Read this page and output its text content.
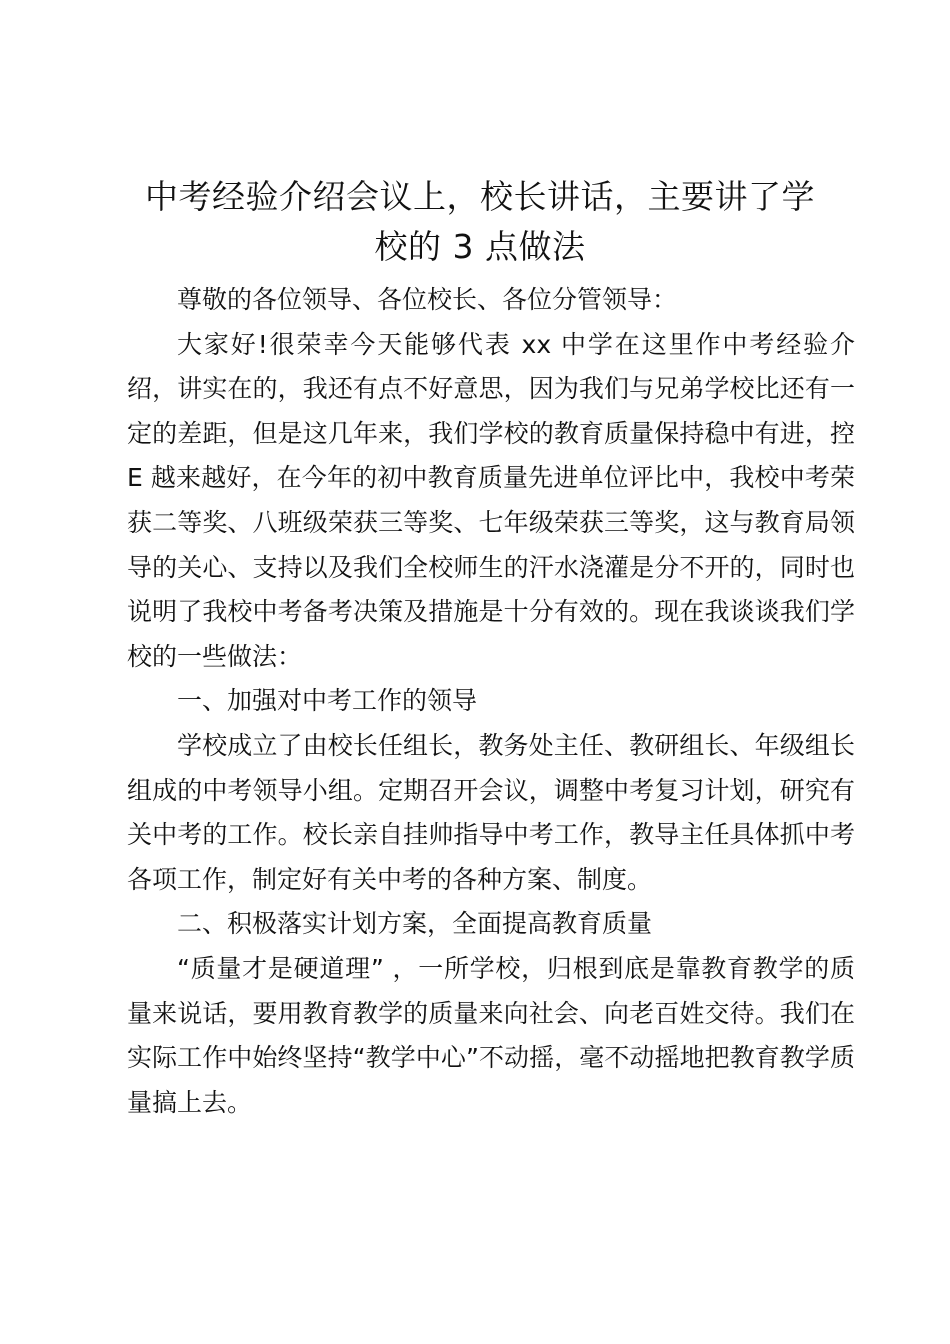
中考经验介绍会议上，校长讲话，主要讲了学
校的 3 点做法

尊敬的各位领导、各位校长、各位分管领导：

大家好!很荣幸今天能够代表 xx 中学在这里作中考经验介绍，讲实在的，我还有点不好意思，因为我们与兄弟学校比还有一定的差距，但是这几年来，我们学校的教育质量保持稳中有进，控 E 越来越好，在今年的初中教育质量先进单位评比中，我校中考荣获二等奖、八班级荣获三等奖、七年级荣获三等奖，这与教育局领导的关心、支持以及我们全校师生的汗水浇灌是分不开的，同时也说明了我校中考备考决策及措施是十分有效的。现在我谈谈我们学校的一些做法：

一、加强对中考工作的领导

学校成立了由校长任组长，教务处主任、教研组长、年级组长组成的中考领导小组。定期召开会议，调整中考复习计划，研究有关中考的工作。校长亲自挂帅指导中考工作，教导主任具体抓中考各项工作，制定好有关中考的各种方案、制度。

二、积极落实计划方案，全面提高教育质量

“质量才是硬道理” ，一所学校，归根到底是靠教育教学的质量来说话，要用教育教学的质量来向社会、向老百姓交待。我们在实际工作中始终坚持“教学中心”不动摇，毫不动摇地把教育教学质量搞上去。
